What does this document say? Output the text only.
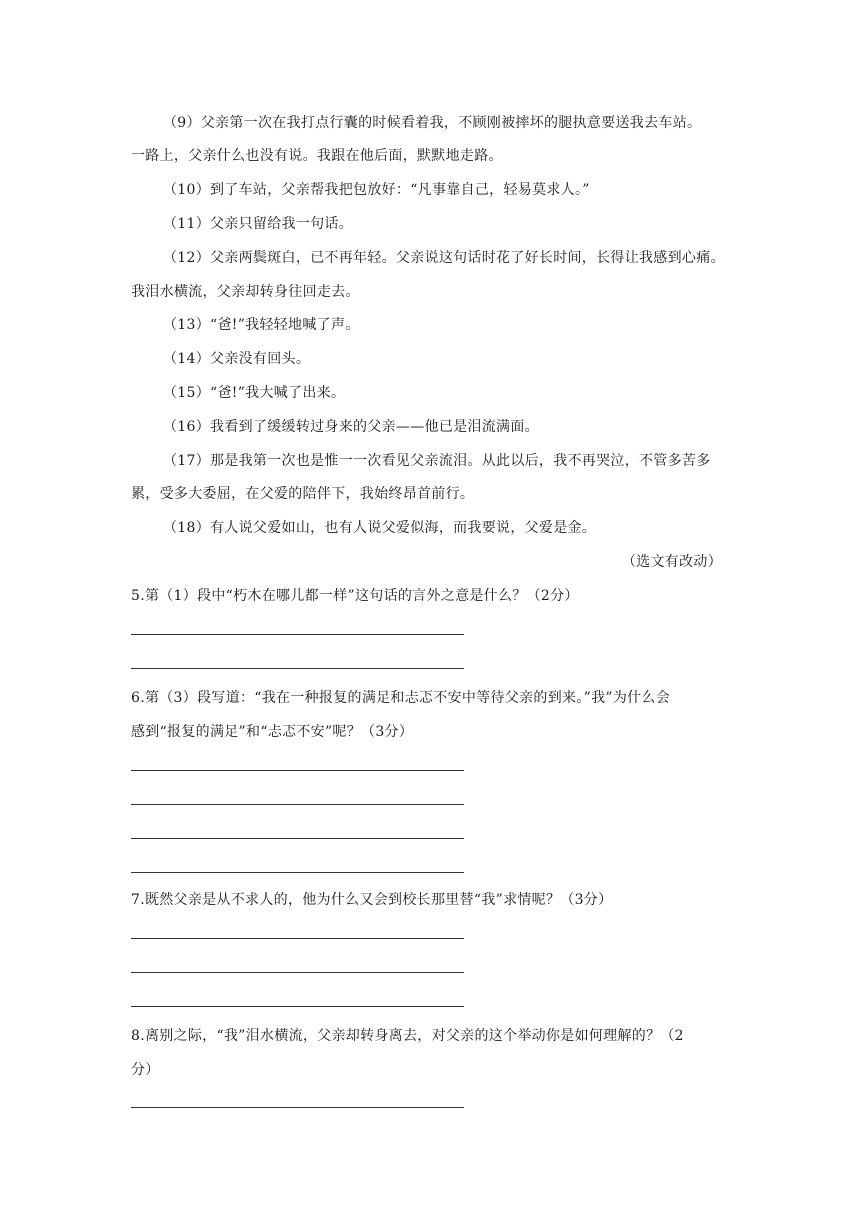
（9）父亲第一次在我打点行囊的时候看着我，不顾刚被摔坏的腿执意要送我去车站。
一路上，父亲什么也没有说。我跟在他后面，默默地走路。
（10）到了车站，父亲帮我把包放好：“凡事靠自己，轻易莫求人。”
（11）父亲只留给我一句话。
（12）父亲两鬓斑白，已不再年轻。父亲说这句话时花了好长时间，长得让我感到心痛。
我泪水横流，父亲却转身往回走去。
（13）“爸!”我轻轻地喊了声。
（14）父亲没有回头。
（15）“爸!”我大喊了出来。
（16）我看到了缓缓转过身来的父亲——他已是泪流满面。
（17）那是我第一次也是惟一一次看见父亲流泪。从此以后，我不再哭泣，不管多苦多
累，受多大委屈，在父爱的陪伴下，我始终昂首前行。
（18）有人说父爱如山，也有人说父爱似海，而我要说，父爱是金。
（选文有改动）
5.第（1）段中“朽木在哪儿都一样”这句话的言外之意是什么？（2分）
6.第（3）段写道：“我在一种报复的满足和忐忑不安中等待父亲的到来。”我”为什么会
感到“报复的满足”和“忐忑不安”呢？（3分）
7.既然父亲是从不求人的，他为什么又会到校长那里替“我”求情呢？（3分）
8.离别之际，“我”泪水横流，父亲却转身离去，对父亲的这个举动你是如何理解的？（2
分）
